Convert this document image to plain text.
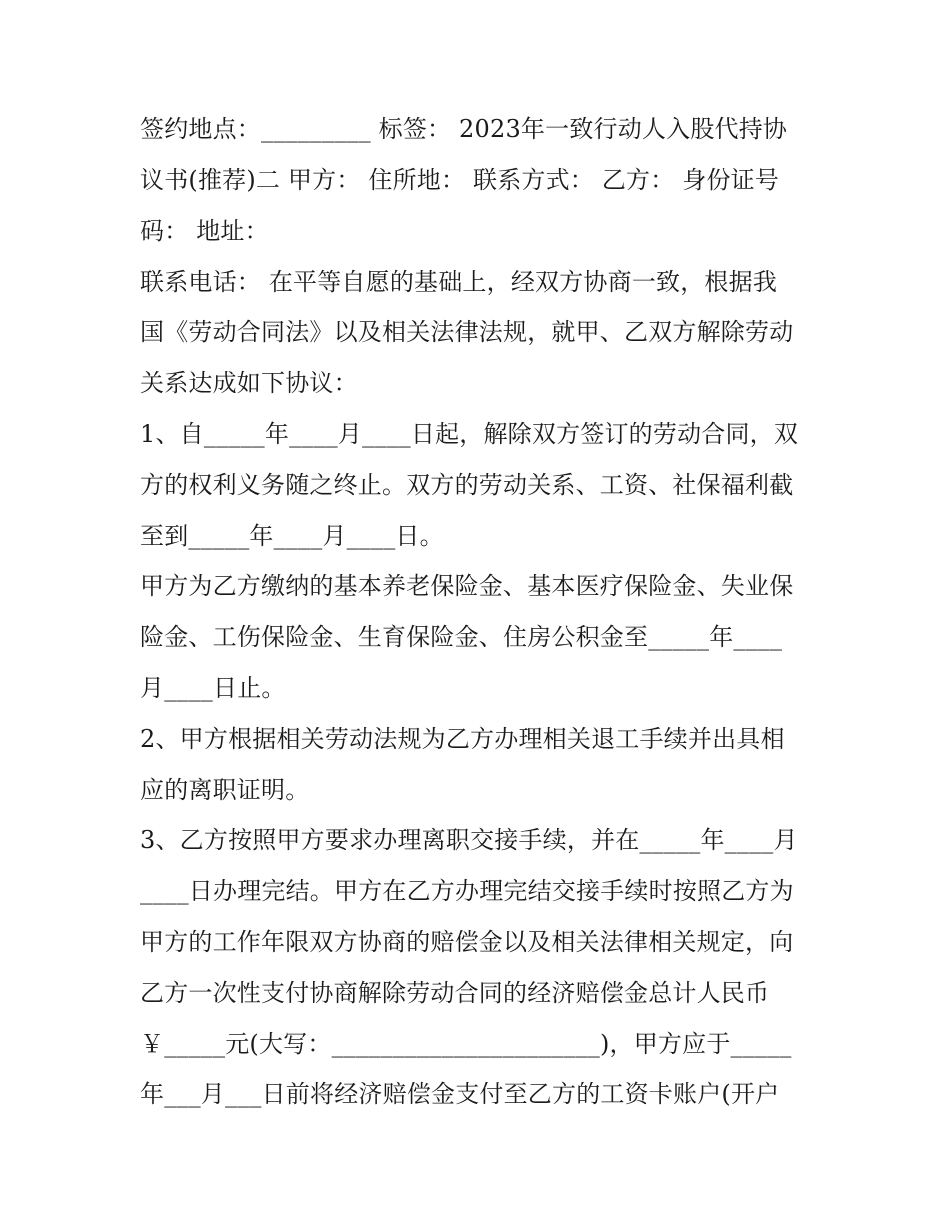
签约地点：_________ 标签： 2023年一致行动人入股代持协
议书(推荐)二 甲方： 住所地： 联系方式： 乙方： 身份证号
码： 地址：
联系电话： 在平等自愿的基础上，经双方协商一致，根据我
国《劳动合同法》以及相关法律法规，就甲、乙双方解除劳动
关系达成如下协议：
1、自_____年____月____日起，解除双方签订的劳动合同，双
方的权利义务随之终止。双方的劳动关系、工资、社保福利截
至到_____年____月____日。
甲方为乙方缴纳的基本养老保险金、基本医疗保险金、失业保
险金、工伤保险金、生育保险金、住房公积金至_____年____
月____日止。
2、甲方根据相关劳动法规为乙方办理相关退工手续并出具相
应的离职证明。
3、乙方按照甲方要求办理离职交接手续，并在_____年____月
____日办理完结。甲方在乙方办理完结交接手续时按照乙方为
甲方的工作年限双方协商的赔偿金以及相关法律相关规定，向
乙方一次性支付协商解除劳动合同的经济赔偿金总计人民币
￥_____元(大写：______________________)，甲方应于_____
年___月___日前将经济赔偿金支付至乙方的工资卡账户(开户
